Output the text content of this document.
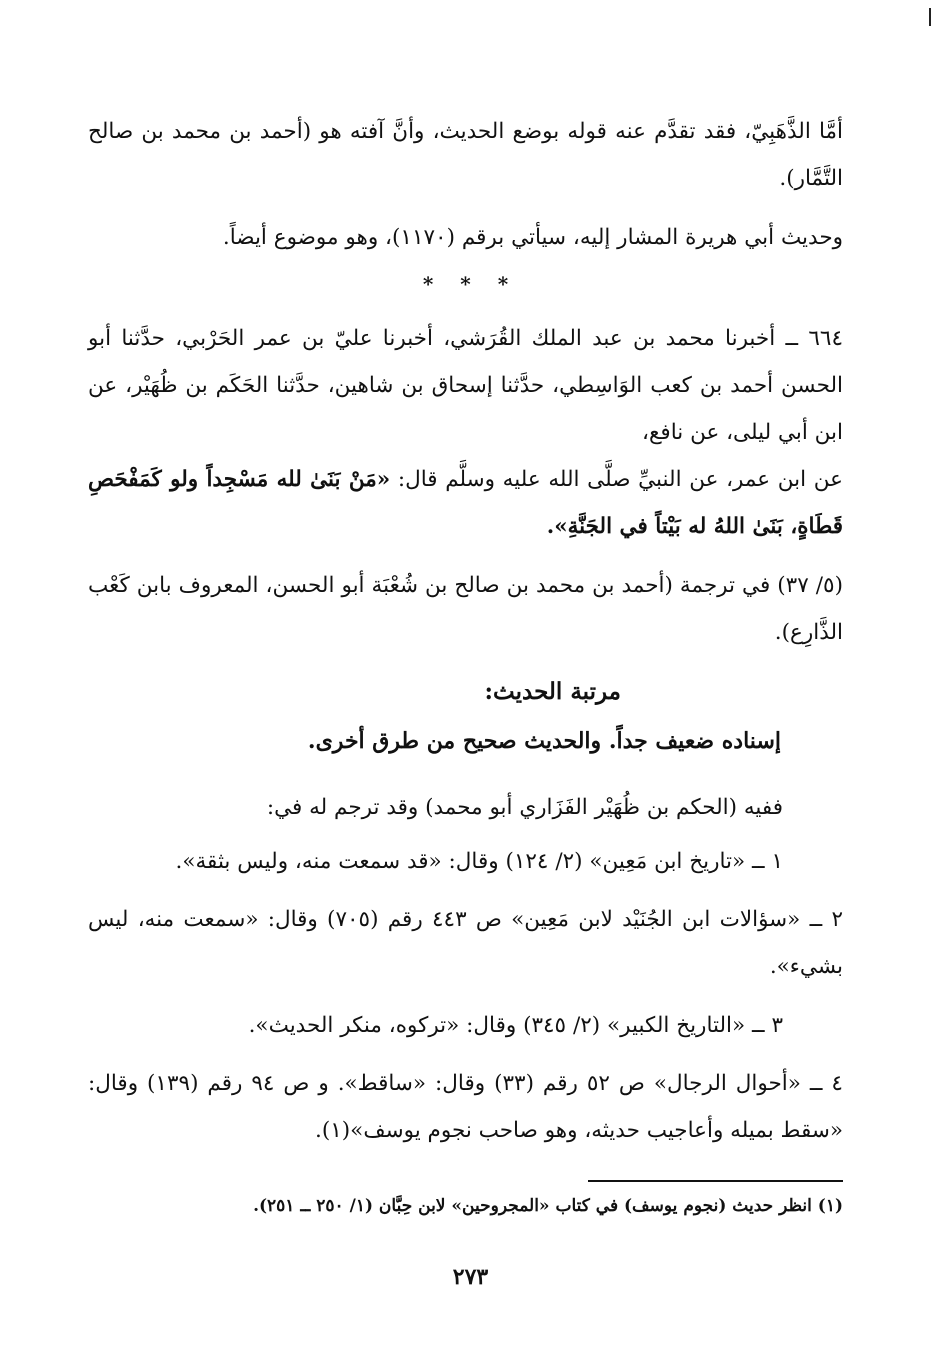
أمَّا الذَّهَبِيّ، فقد تقدَّم عنه قوله بوضع الحديث، وأنَّ آفته هو (أحمد بن محمد بن صالح التَّمَّار).

وحديث أبي هريرة المشار إليه، سيأتي برقم (١١٧٠)، وهو موضوع أيضاً.

* * *

٦٦٤ ــ أخبرنا محمد بن عبد الملك القُرَشي، أخبرنا عليّ بن عمر الحَرْبي، حدَّثنا أبو الحسن أحمد بن كعب الوَاسِطي، حدَّثنا إسحاق بن شاهين، حدَّثنا الحَكَم بن ظُهَيْر، عن ابن أبي ليلى، عن نافع،

عن ابن عمر، عن النبيِّ صلَّى الله عليه وسلَّم قال: «مَنْ بَنَىٰ لله مَسْجِداً ولو كَمَفْحَصِ قَطَاةٍ، بَنَىٰ اللهُ له بَيْتاً في الجَنَّةِ».

(٥/ ٣٧) في ترجمة (أحمد بن محمد بن صالح بن شُعْبَة أبو الحسن، المعروف بابن كَعْب الذَّارِع).

مرتبة الحديث:
إسناده ضعيف جداً. والحديث صحيح من طرق أخرى.

ففيه (الحكم بن ظُهَيْر الفَزَاري أبو محمد) وقد ترجم له في:

١ ــ «تاريخ ابن مَعِين» (٢/ ١٢٤) وقال: «قد سمعت منه، وليس بثقة».

٢ ــ «سؤالات ابن الجُنَيْد لابن مَعِين» ص ٤٤٣ رقم (٧٠٥) وقال: «سمعت منه، ليس بشيء».

٣ ــ «التاريخ الكبير» (٢/ ٣٤٥) وقال: «تركوه، منكر الحديث».

٤ ــ «أحوال الرجال» ص ٥٢ رقم (٣٣) وقال: «ساقط». و ص ٩٤ رقم (١٣٩) وقال: «سقط بميله وأعاجيب حديثه، وهو صاحب نجوم يوسف»(١).

(١) انظر حديث (نجوم يوسف) في كتاب «المجروحين» لابن حِبَّان (١/ ٢٥٠ ــ ٢٥١).
٢٧٣
